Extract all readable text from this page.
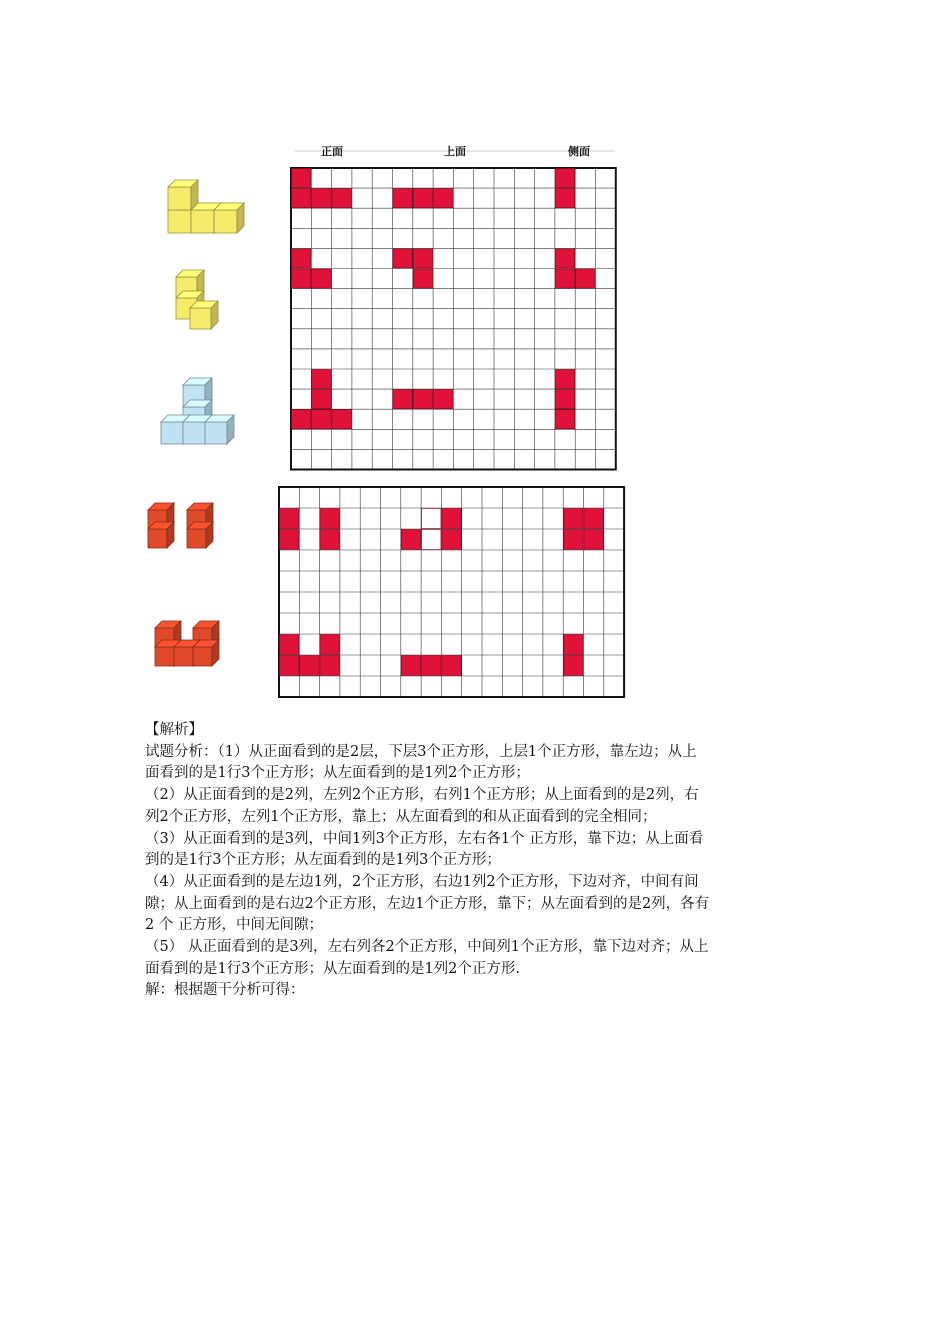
正面	上面	侧面

【解析】

试题分析：（1）从正面看到的是2层，下层3个正方形，上层1个正方形，靠左边；从上

面看到的是1行3个正方形；从左面看到的是1列2个正方形；

（2）从正面看到的是2列，左列2个正方形，右列1个正方形；从上面看到的是2列，右

列2个正方形，左列1个正方形，靠上；从左面看到的和从正面看到的完全相同；

（3）从正面看到的是3列，中间1列3个正方形，左右各1个 正方形，靠下边；从上面看

到的是1行3个正方形；从左面看到的是1列3个正方形；

（4）从正面看到的是左边1列，2个正方形，右边1列2个正方形，下边对齐，中间有间

隙；从上面看到的是右边2个正方形，左边1个正方形，靠下；从左面看到的是2列，各有

2 个 正方形，中间无间隙；

（5） 从正面看到的是3列，左右列各2个正方形，中间列1个正方形，靠下边对齐；从上

面看到的是1行3个正方形；从左面看到的是1列2个正方形.

解：根据题干分析可得：
